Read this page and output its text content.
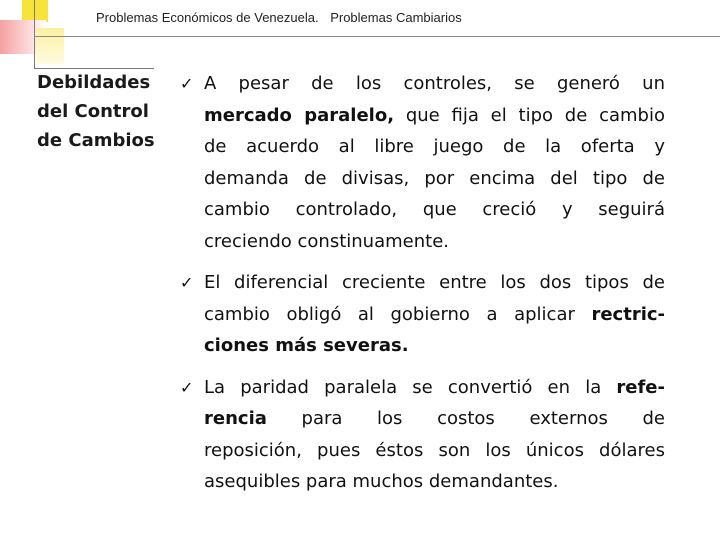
Problemas Económicos de Venezuela. Problemas Cambiarios
Debildades
del Control
de Cambios
✓ A pesar de los controles, se generó un
mercado paralelo, que fija el tipo de cambio
de acuerdo al libre juego de la oferta y
demanda de divisas, por encima del tipo de
cambio controlado, que creció y seguirá
creciendo constinuamente.
✓ El diferencial creciente entre los dos tipos de
cambio obligó al gobierno a aplicar rectric-
ciones más severas.
✓ La paridad paralela se convertió en la refe-
rencia para los costos externos de
reposición, pues éstos son los únicos dólares
asequibles para muchos demandantes.
